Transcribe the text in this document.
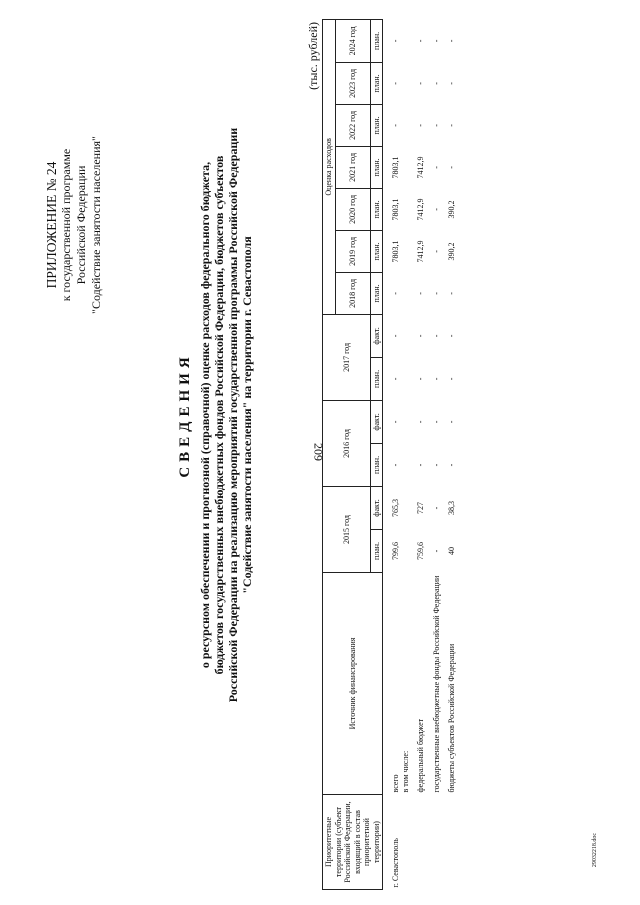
209
29032218.doc
ПРИЛОЖЕНИЕ № 24 к государственной программе Российской Федерации "Содействие занятости населения"
СВЕДЕНИЯ о ресурсном обеспечении и прогнозной (справочной) оценке расходов федерального бюджета, бюджетов государственных внебюджетных фондов Российской Федерации, бюджетов субъектов Российской Федерации на реализацию мероприятий государственной программы Российской Федерации "Содействие занятости населения" на территории г. Севастополя
(тыс. рублей)
Приоритетные территории (субъект Российской Федерации, входящий в состав приоритетной территории)	Источник финансирования	2015 год		2016 год		2017 год		Оценка расходов						
								2018 год	2019 год	2020 год	2021 год	2022 год	2023 год	2024 год

		план.	факт.	план.	факт.	план.	факт.	план.	план.	план.	план.	план.	план.	план.
г. Севастополь	всего в том числе:	799,6	765,3	-	-	-	-	-	7803,1	7803,1	7803,1	-	-	-

	федеральный бюджет	759,6	727	-	-	-	-	-	7412,9	7412,9	7412,9	-	-	-

	государственные внебюджетные фонды Российской Федерации	-	-	-	-	-	-	-	-	-	-	-	-	-

	бюджеты субъектов Российской Федерации	40	38,3	-	-	-	-	-	390,2	390,2	-	-	-	-
